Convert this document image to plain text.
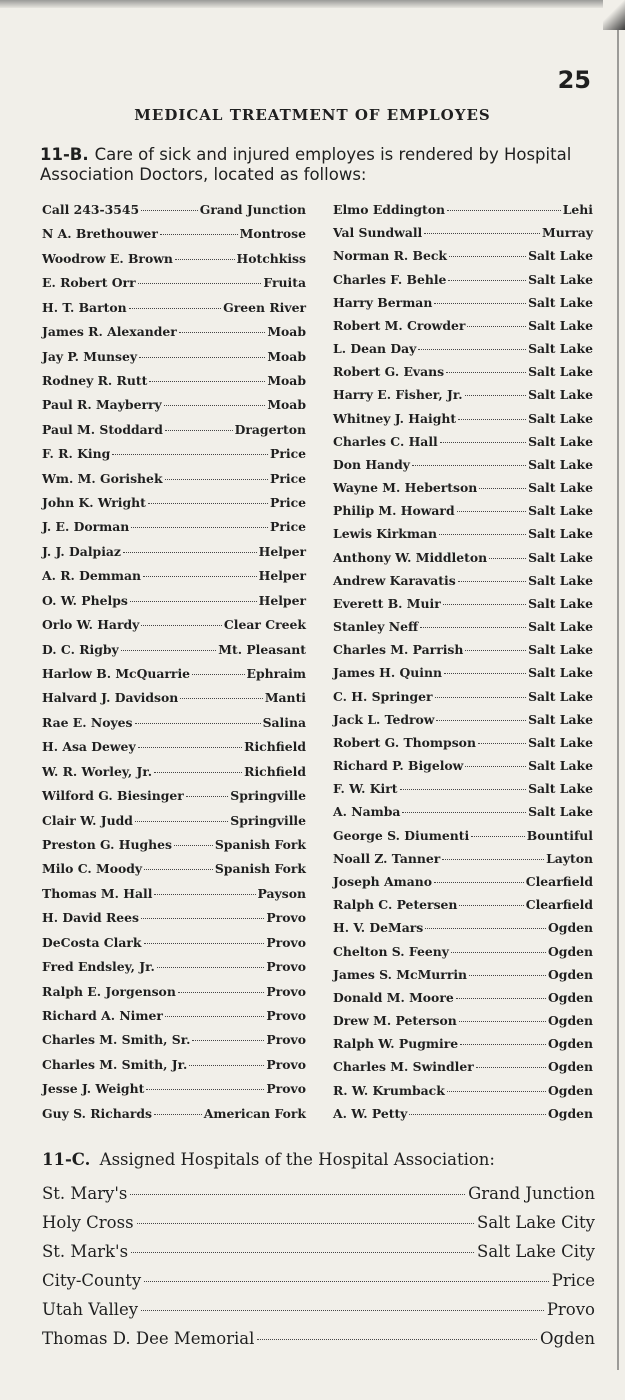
25
MEDICAL TREATMENT OF EMPLOYES

11-B. Care of sick and injured employes is rendered by Hospital Association Doctors, located as follows:

Call 243-3545	Grand Junction
N A. Brethouwer	Montrose
Woodrow E. Brown	Hotchkiss
E. Robert Orr	Fruita
H. T. Barton	Green River
James R. Alexander	Moab
Jay P. Munsey	Moab
Rodney R. Rutt	Moab
Paul R. Mayberry	Moab
Paul M. Stoddard	Dragerton
F. R. King	Price
Wm. M. Gorishek	Price
John K. Wright	Price
J. E. Dorman	Price
J. J. Dalpiaz	Helper
A. R. Demman	Helper
O. W. Phelps	Helper
Orlo W. Hardy	Clear Creek
D. C. Rigby	Mt. Pleasant
Harlow B. McQuarrie	Ephraim
Halvard J. Davidson	Manti
Rae E. Noyes	Salina
H. Asa Dewey	Richfield
W. R. Worley, Jr.	Richfield
Wilford G. Biesinger	Springville
Clair W. Judd	Springville
Preston G. Hughes	Spanish Fork
Milo C. Moody	Spanish Fork
Thomas M. Hall	Payson
H. David Rees	Provo
DeCosta Clark	Provo
Fred Endsley, Jr.	Provo
Ralph E. Jorgenson	Provo
Richard A. Nimer	Provo
Charles M. Smith, Sr.	Provo
Charles M. Smith, Jr.	Provo
Jesse J. Weight	Provo
Guy S. Richards	American Fork
Elmo Eddington	Lehi
Val Sundwall	Murray
Norman R. Beck	Salt Lake
Charles F. Behle	Salt Lake
Harry Berman	Salt Lake
Robert M. Crowder	Salt Lake
L. Dean Day	Salt Lake
Robert G. Evans	Salt Lake
Harry E. Fisher, Jr.	Salt Lake
Whitney J. Haight	Salt Lake
Charles C. Hall	Salt Lake
Don Handy	Salt Lake
Wayne M. Hebertson	Salt Lake
Philip M. Howard	Salt Lake
Lewis Kirkman	Salt Lake
Anthony W. Middleton	Salt Lake
Andrew Karavatis	Salt Lake
Everett B. Muir	Salt Lake
Stanley Neff	Salt Lake
Charles M. Parrish	Salt Lake
James H. Quinn	Salt Lake
C. H. Springer	Salt Lake
Jack L. Tedrow	Salt Lake
Robert G. Thompson	Salt Lake
Richard P. Bigelow	Salt Lake
F. W. Kirt	Salt Lake
A. Namba	Salt Lake
George S. Diumenti	Bountiful
Noall Z. Tanner	Layton
Joseph Amano	Clearfield
Ralph C. Petersen	Clearfield
H. V. DeMars	Ogden
Chelton S. Feeny	Ogden
James S. McMurrin	Ogden
Donald M. Moore	Ogden
Drew M. Peterson	Ogden
Ralph W. Pugmire	Ogden
Charles M. Swindler	Ogden
R. W. Krumback	Ogden
A. W. Petty	Ogden

11-C. Assigned Hospitals of the Hospital Association:

St. Mary's	Grand Junction
Holy Cross	Salt Lake City
St. Mark's	Salt Lake City
City-County	Price
Utah Valley	Provo
Thomas D. Dee Memorial	Ogden
